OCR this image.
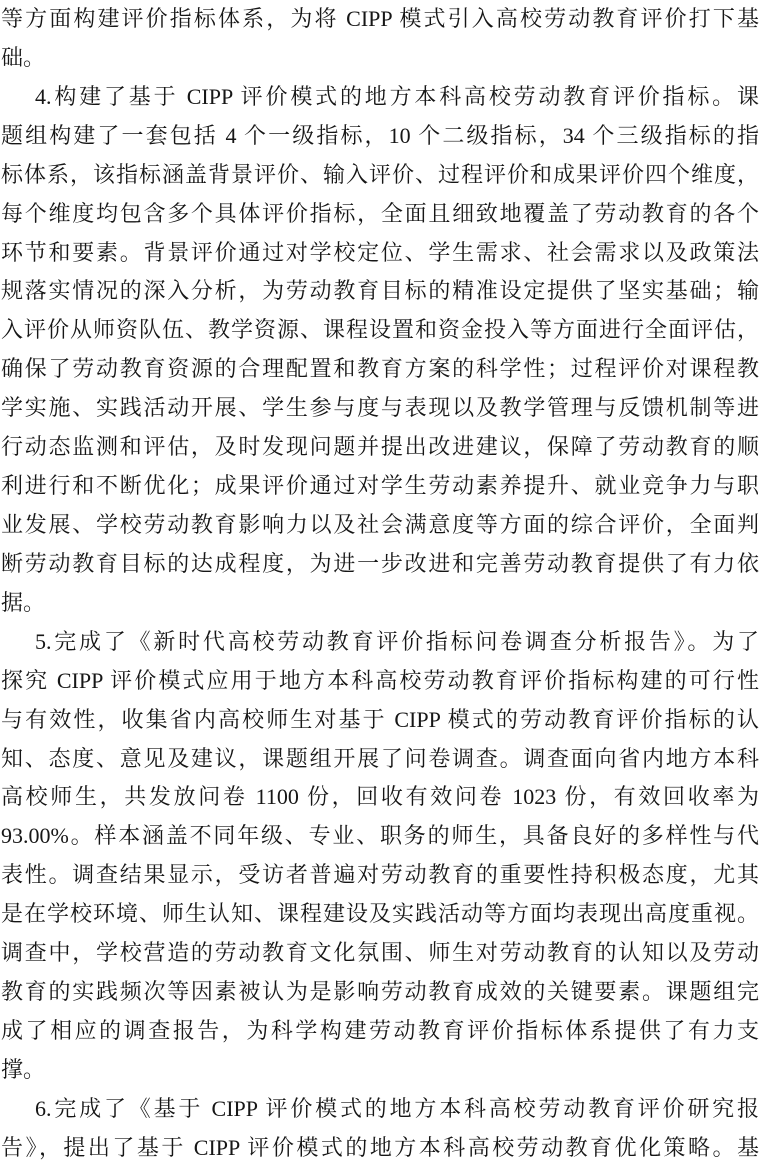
等方面构建评价指标体系，为将 CIPP 模式引入高校劳动教育评价打下基
础。
4.构建了基于 CIPP 评价模式的地方本科高校劳动教育评价指标。课
题组构建了一套包括 4 个一级指标，10 个二级指标，34 个三级指标的指
标体系，该指标涵盖背景评价、输入评价、过程评价和成果评价四个维度，
每个维度均包含多个具体评价指标，全面且细致地覆盖了劳动教育的各个
环节和要素。背景评价通过对学校定位、学生需求、社会需求以及政策法
规落实情况的深入分析，为劳动教育目标的精准设定提供了坚实基础；输
入评价从师资队伍、教学资源、课程设置和资金投入等方面进行全面评估，
确保了劳动教育资源的合理配置和教育方案的科学性；过程评价对课程教
学实施、实践活动开展、学生参与度与表现以及教学管理与反馈机制等进
行动态监测和评估，及时发现问题并提出改进建议，保障了劳动教育的顺
利进行和不断优化；成果评价通过对学生劳动素养提升、就业竞争力与职
业发展、学校劳动教育影响力以及社会满意度等方面的综合评价，全面判
断劳动教育目标的达成程度，为进一步改进和完善劳动教育提供了有力依
据。
5.完成了《新时代高校劳动教育评价指标问卷调查分析报告》。为了
探究 CIPP 评价模式应用于地方本科高校劳动教育评价指标构建的可行性
与有效性，收集省内高校师生对基于 CIPP 模式的劳动教育评价指标的认
知、态度、意见及建议，课题组开展了问卷调查。调查面向省内地方本科
高校师生，共发放问卷 1100 份，回收有效问卷 1023 份，有效回收率为
93.00%。样本涵盖不同年级、专业、职务的师生，具备良好的多样性与代
表性。调查结果显示，受访者普遍对劳动教育的重要性持积极态度，尤其
是在学校环境、师生认知、课程建设及实践活动等方面均表现出高度重视。
调查中，学校营造的劳动教育文化氛围、师生对劳动教育的认知以及劳动
教育的实践频次等因素被认为是影响劳动教育成效的关键要素。课题组完
成了相应的调查报告，为科学构建劳动教育评价指标体系提供了有力支
撑。
6.完成了《基于 CIPP 评价模式的地方本科高校劳动教育评价研究报
告》，提出了基于 CIPP 评价模式的地方本科高校劳动教育优化策略。基
